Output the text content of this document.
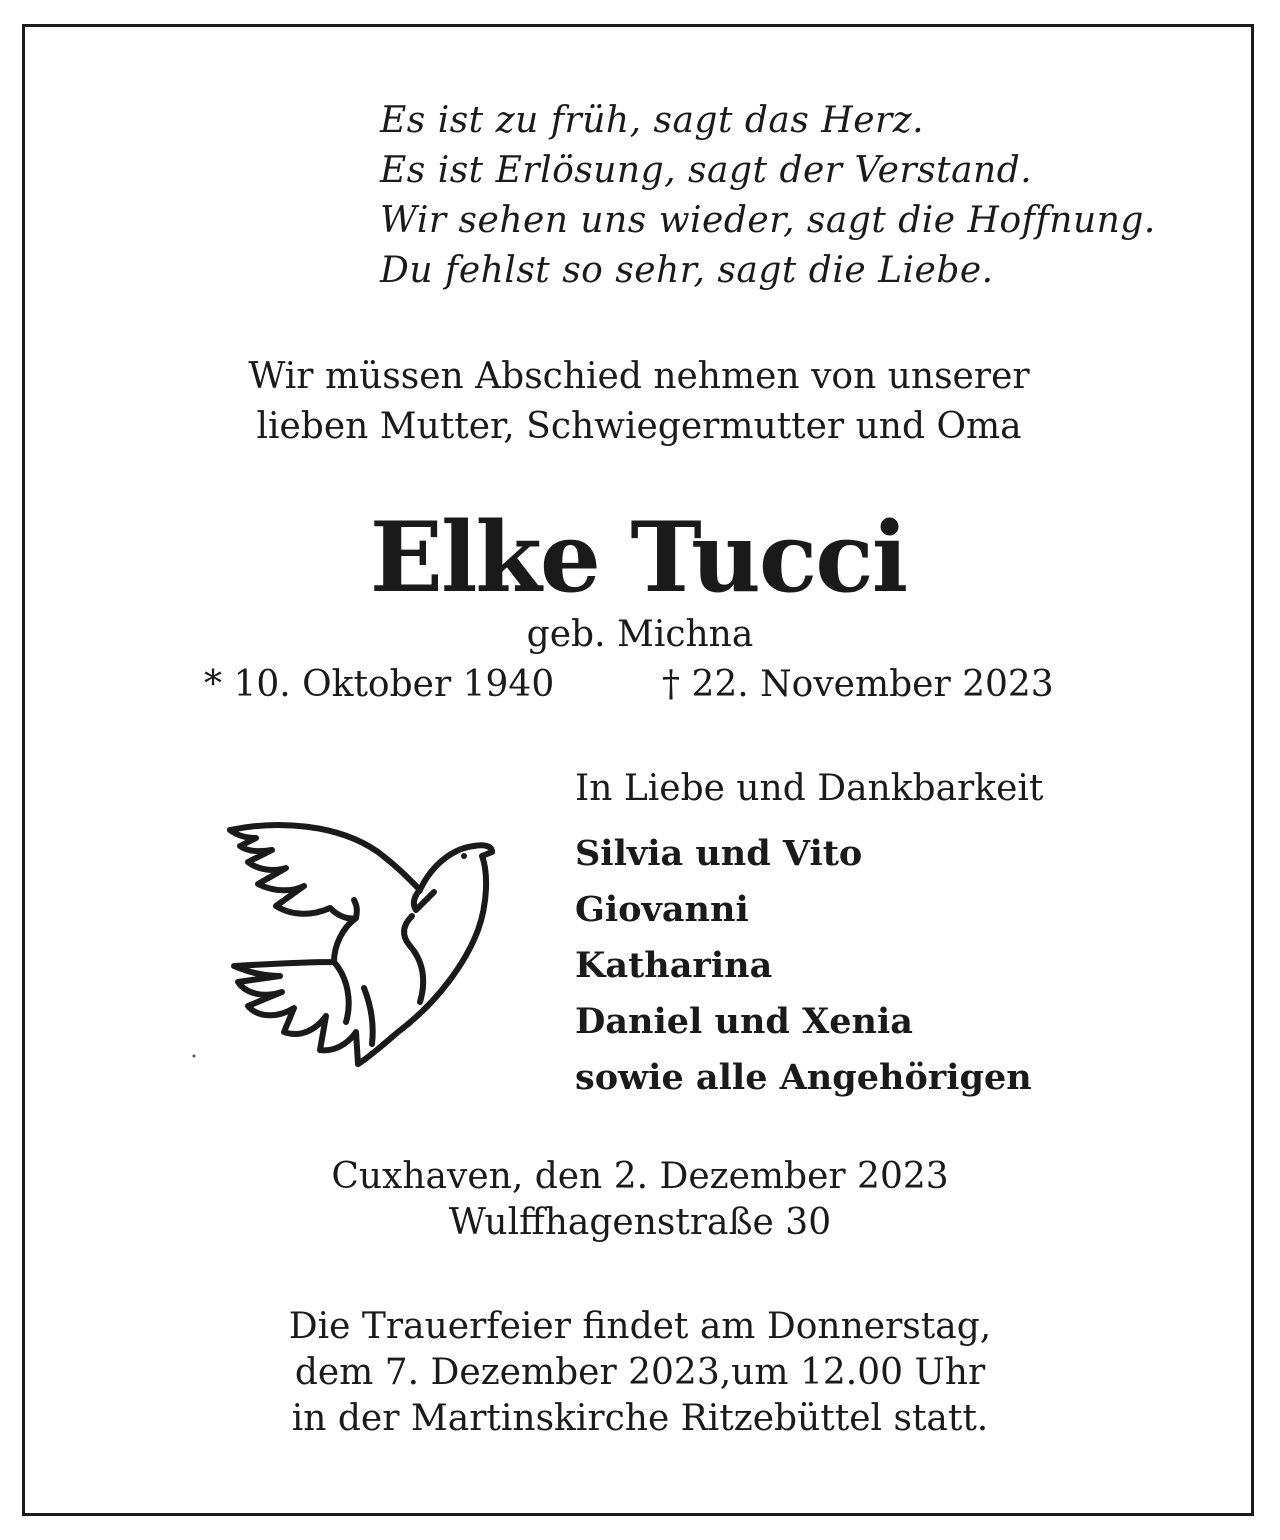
Es ist zu früh, sagt das Herz.
Es ist Erlösung, sagt der Verstand.
Wir sehen uns wieder, sagt die Hoffnung.
Du fehlst so sehr, sagt die Liebe.
Wir müssen Abschied nehmen von unserer
lieben Mutter, Schwiegermutter und Oma
Elke Tucci
geb. Michna
* 10. Oktober 1940	† 22. November 2023
In Liebe und Dankbarkeit
Silvia und Vito
Giovanni
Katharina
Daniel und Xenia
sowie alle Angehörigen
Cuxhaven, den 2. Dezember 2023
Wulffhagenstraße 30
Die Trauerfeier findet am Donnerstag,
dem 7. Dezember 2023,um 12.00 Uhr
in der Martinskirche Ritzebüttel statt.
